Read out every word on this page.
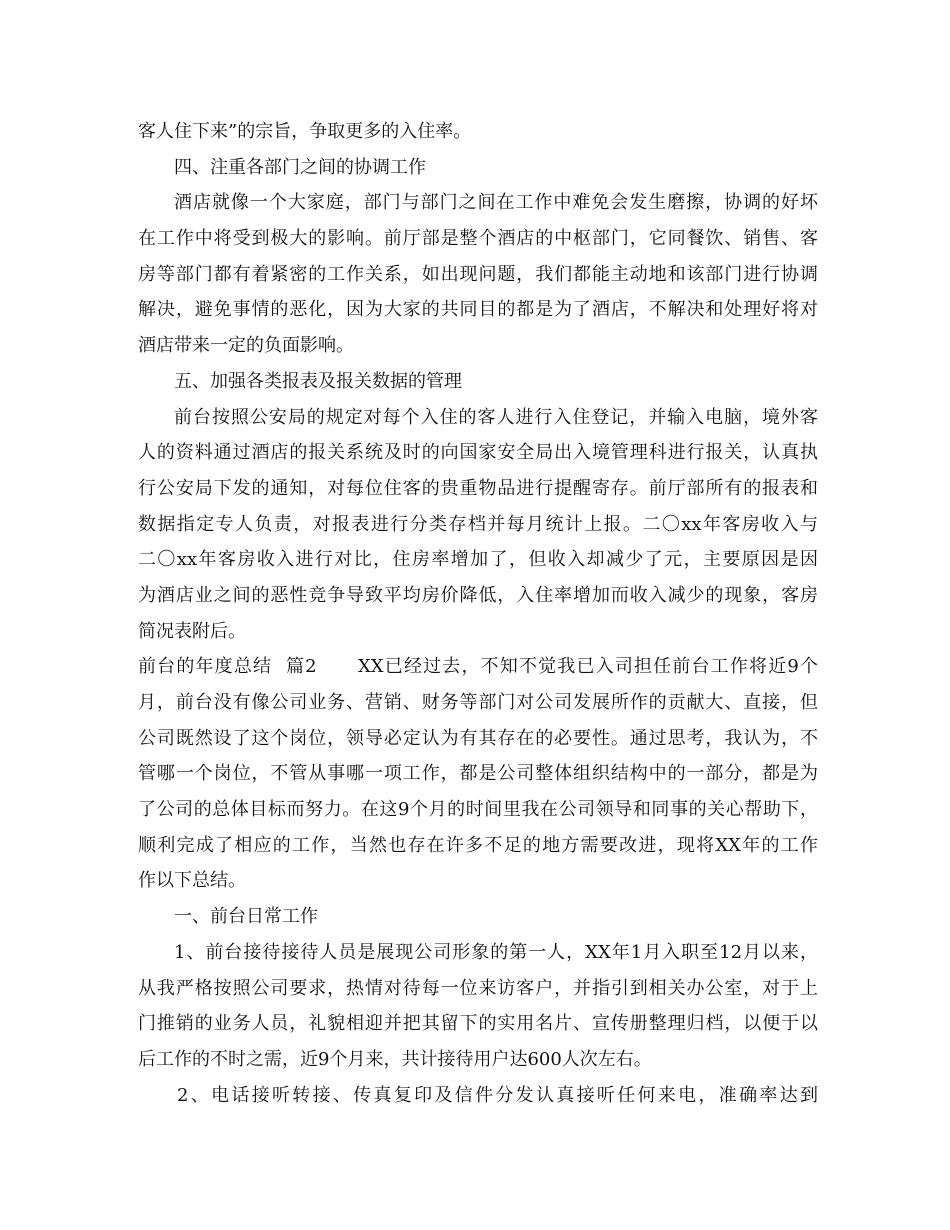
客人住下来”的宗旨，争取更多的入住率。
四、注重各部门之间的协调工作
酒店就像一个大家庭，部门与部门之间在工作中难免会发生磨擦，协调的好坏
在工作中将受到极大的影响。前厅部是整个酒店的中枢部门，它同餐饮、销售、客
房等部门都有着紧密的工作关系，如出现问题，我们都能主动地和该部门进行协调
解决，避免事情的恶化，因为大家的共同目的都是为了酒店，不解决和处理好将对
酒店带来一定的负面影响。
五、加强各类报表及报关数据的管理
前台按照公安局的规定对每个入住的客人进行入住登记，并输入电脑，境外客
人的资料通过酒店的报关系统及时的向国家安全局出入境管理科进行报关，认真执
行公安局下发的通知，对每位住客的贵重物品进行提醒寄存。前厅部所有的报表和
数据指定专人负责，对报表进行分类存档并每月统计上报。二〇xx年客房收入与
二〇xx年客房收入进行对比，住房率增加了，但收入却减少了元，主要原因是因
为酒店业之间的恶性竞争导致平均房价降低，入住率增加而收入减少的现象，客房
简况表附后。
前台的年度总结  篇2      XX已经过去，不知不觉我已入司担任前台工作将近9个
月，前台没有像公司业务、营销、财务等部门对公司发展所作的贡献大、直接，但
公司既然设了这个岗位，领导必定认为有其存在的必要性。通过思考，我认为，不
管哪一个岗位，不管从事哪一项工作，都是公司整体组织结构中的一部分，都是为
了公司的总体目标而努力。在这9个月的时间里我在公司领导和同事的关心帮助下，
顺利完成了相应的工作，当然也存在许多不足的地方需要改进，现将XX年的工作
作以下总结。
一、前台日常工作
1、前台接待接待人员是展现公司形象的第一人，XX年1月入职至12月以来，
从我严格按照公司要求，热情对待每一位来访客户，并指引到相关办公室，对于上
门推销的业务人员，礼貌相迎并把其留下的实用名片、宣传册整理归档，以便于以
后工作的不时之需，近9个月来，共计接待用户达600人次左右。
2、电话接听转接、传真复印及信件分发认真接听任何来电，准确率达到
